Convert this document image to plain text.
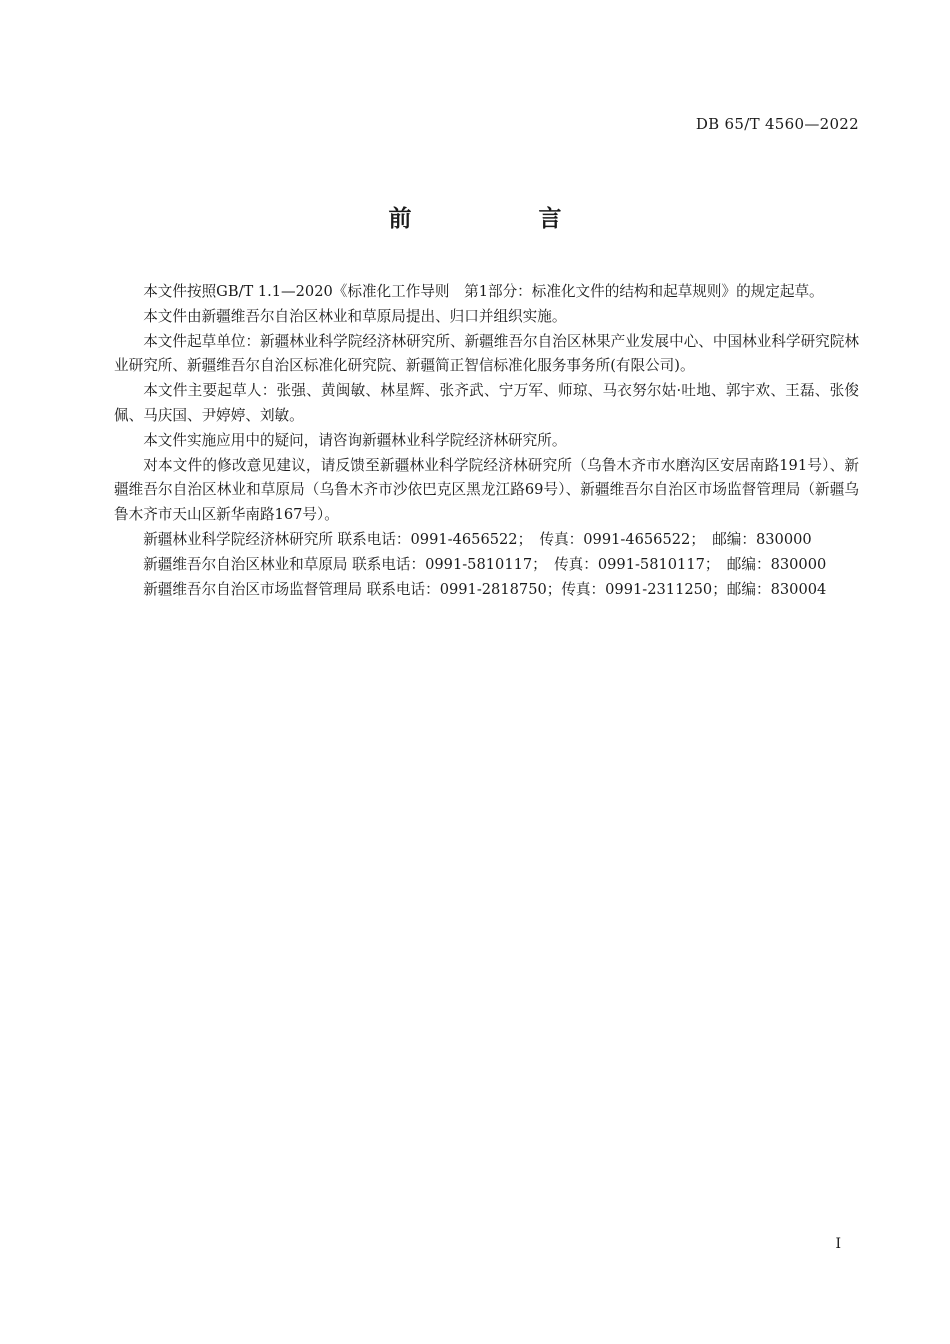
DB 65/T 4560—2022
前　言

本文件按照GB/T 1.1—2020《标准化工作导则　第1部分：标准化文件的结构和起草规则》的规定起草。

本文件由新疆维吾尔自治区林业和草原局提出、归口并组织实施。

本文件起草单位：新疆林业科学院经济林研究所、新疆维吾尔自治区林果产业发展中心、中国林业科学研究院林业研究所、新疆维吾尔自治区标准化研究院、新疆简正智信标准化服务事务所(有限公司)。

本文件主要起草人：张强、黄闽敏、林星辉、张齐武、宁万军、师琼、马衣努尔姑·吐地、郭宇欢、王磊、张俊佩、马庆国、尹婷婷、刘敏。

本文件实施应用中的疑问，请咨询新疆林业科学院经济林研究所。

对本文件的修改意见建议，请反馈至新疆林业科学院经济林研究所（乌鲁木齐市水磨沟区安居南路191号）、新疆维吾尔自治区林业和草原局（乌鲁木齐市沙依巴克区黑龙江路69号）、新疆维吾尔自治区市场监督管理局（新疆乌鲁木齐市天山区新华南路167号）。

新疆林业科学院经济林研究所 联系电话：0991-4656522；　传真：0991-4656522；　邮编：830000

新疆维吾尔自治区林业和草原局 联系电话：0991-5810117；　传真：0991-5810117；　邮编：830000

新疆维吾尔自治区市场监督管理局 联系电话：0991-2818750；传真：0991-2311250；邮编：830004

I
